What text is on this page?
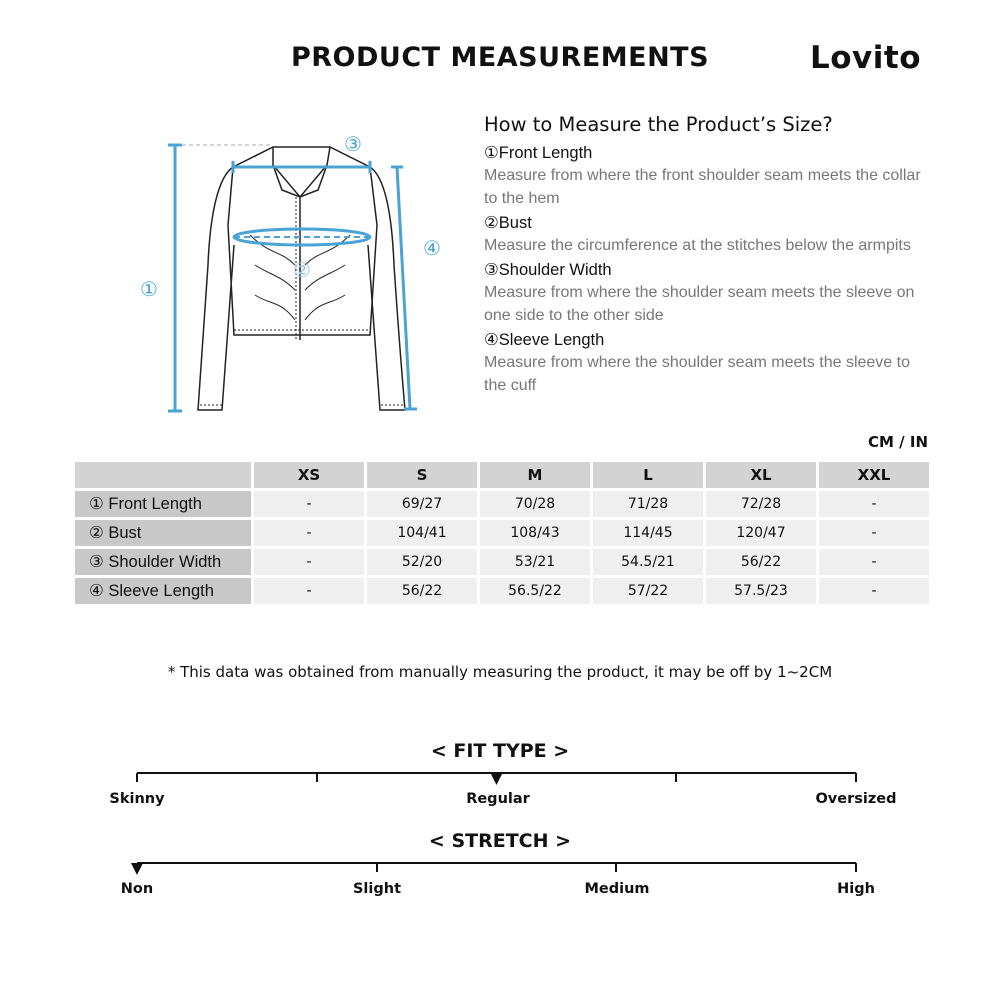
PRODUCT MEASUREMENTS	Lovito
①
②
③
④
How to Measure the Product’s Size?
①Front Length
Measure from where the front shoulder seam meets the collar to the hem
②Bust
Measure the circumference at the stitches below the armpits
③Shoulder Width
Measure from where the shoulder seam meets the sleeve on one side to the other side
④Sleeve Length
Measure from where the shoulder seam meets the sleeve to the cuff
CM / IN
	XS	S	M	L	XL	XXL
① Front Length	-	69/27	70/28	71/28	72/28	-
② Bust	-	104/41	108/43	114/45	120/47	-
③ Shoulder Width	-	52/20	53/21	54.5/21	56/22	-
④ Sleeve Length	-	56/22	56.5/22	57/22	57.5/23	-
* This data was obtained from manually measuring the product, it may be off by 1~2CM
< FIT TYPE >
Skinny	Regular	Oversized
< STRETCH >
Non	Slight	Medium	High
